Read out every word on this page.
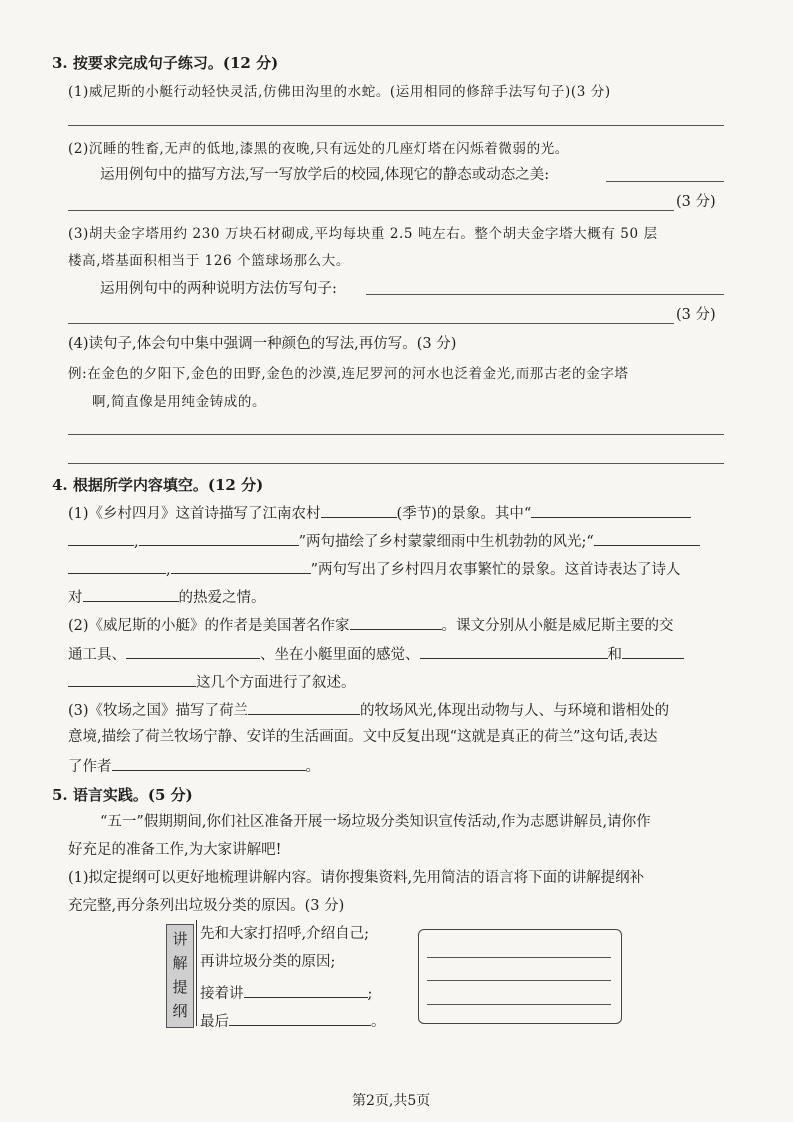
3. 按要求完成句子练习。(12 分)
(1)威尼斯的小艇行动轻快灵活,仿佛田沟里的水蛇。(运用相同的修辞手法写句子)(3 分)
(2)沉睡的牲畜,无声的低地,漆黑的夜晚,只有远处的几座灯塔在闪烁着微弱的光。
运用例句中的描写方法,写一写放学后的校园,体现它的静态或动态之美:
(3 分)
(3)胡夫金字塔用约 230 万块石材砌成,平均每块重 2.5 吨左右。整个胡夫金字塔大概有 50 层
楼高,塔基面积相当于 126 个篮球场那么大。
运用例句中的两种说明方法仿写句子:
(3 分)
(4)读句子,体会句中集中强调一种颜色的写法,再仿写。(3 分)
例:在金色的夕阳下,金色的田野,金色的沙漠,连尼罗河的河水也泛着金光,而那古老的金字塔
啊,简直像是用纯金铸成的。
4. 根据所学内容填空。(12 分)
(1)《乡村四月》这首诗描写了江南农村	(季节)的景象。其中“
,	”两句描绘了乡村蒙蒙细雨中生机勃勃的风光;“
,	”两句写出了乡村四月农事繁忙的景象。这首诗表达了诗人
对	的热爱之情。
(2)《威尼斯的小艇》的作者是美国著名作家	。课文分别从小艇是威尼斯主要的交
通工具、	、坐在小艇里面的感觉、	和
这几个方面进行了叙述。
(3)《牧场之国》描写了荷兰	的牧场风光,体现出动物与人、与环境和谐相处的
意境,描绘了荷兰牧场宁静、安详的生活画面。文中反复出现“这就是真正的荷兰”这句话,表达
了作者	。
5. 语言实践。(5 分)
“五一”假期期间,你们社区准备开展一场垃圾分类知识宣传活动,作为志愿讲解员,请你作
好充足的准备工作,为大家讲解吧!
(1)拟定提纲可以更好地梳理讲解内容。请你搜集资料,先用简洁的语言将下面的讲解提纲补
充完整,再分条列出垃圾分类的原因。(3 分)
讲
解
提
纲
先和大家打招呼,介绍自己;
再讲垃圾分类的原因;
接着讲	;
最后	。
第2页,共5页
